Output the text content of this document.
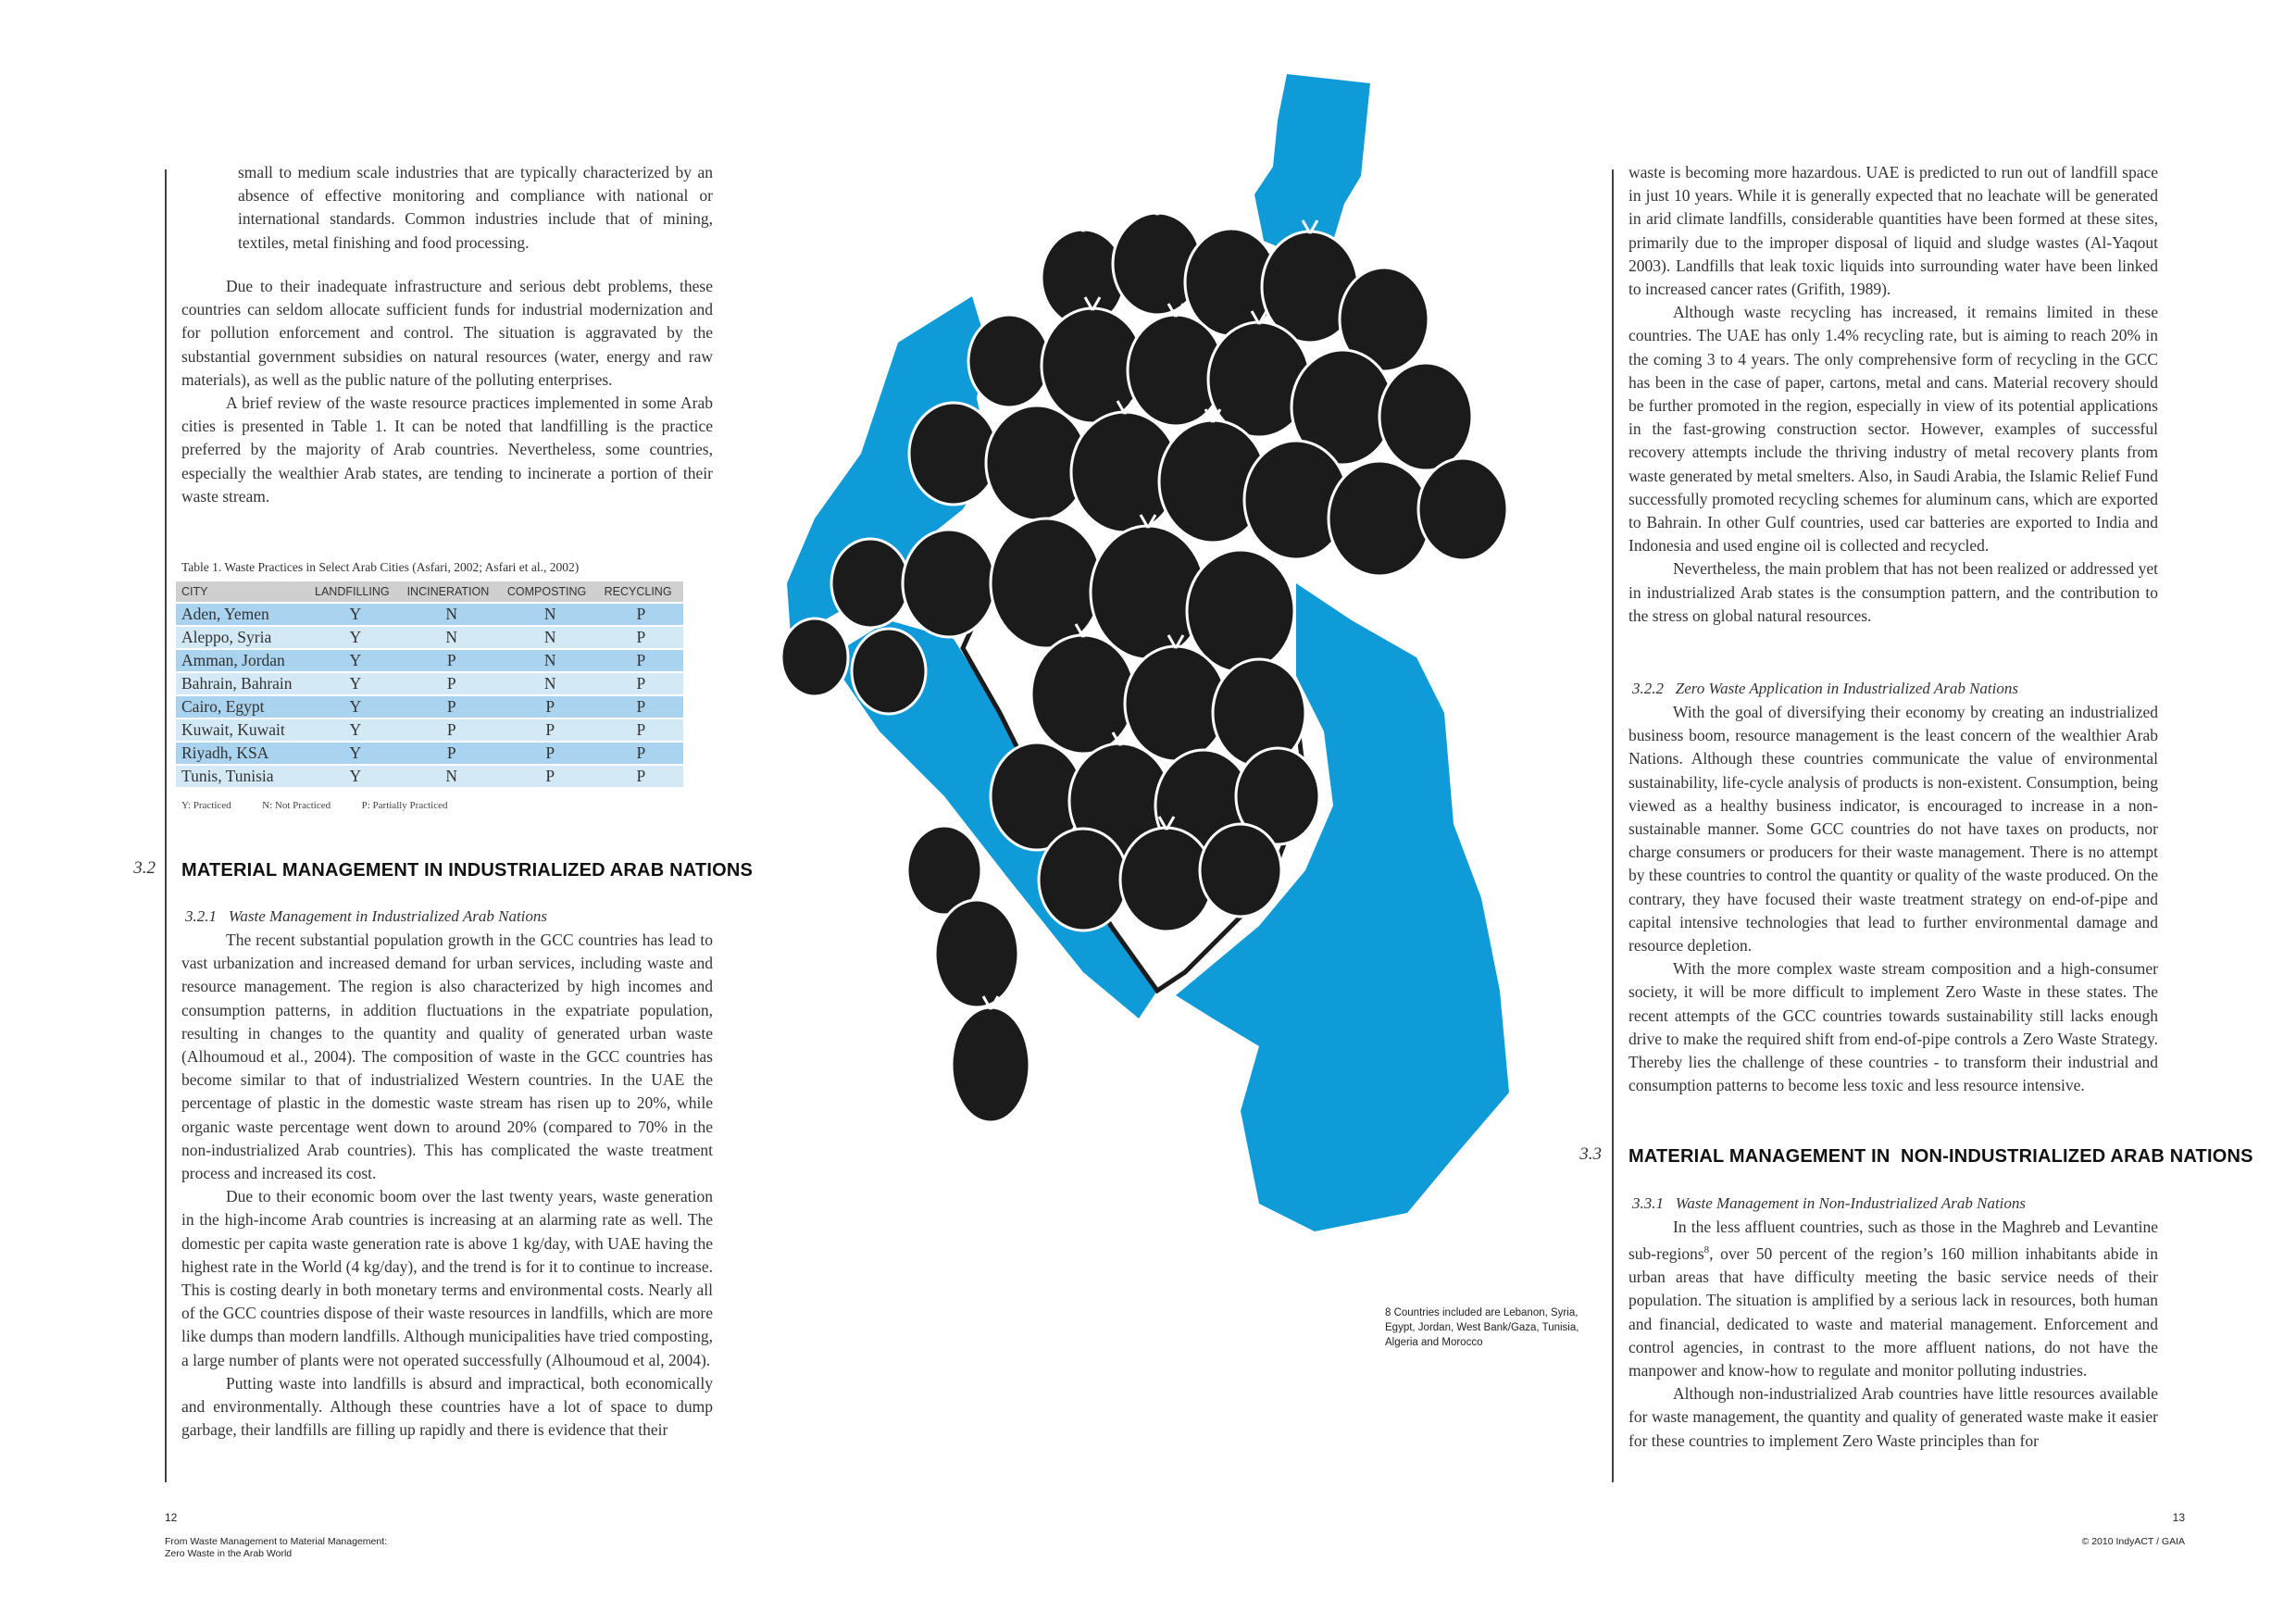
small to medium scale industries that are typically characterized by an absence of effective monitoring and compliance with national or international standards. Common industries include that of mining, textiles, metal finishing and food processing.

Due to their inadequate infrastructure and serious debt problems, these countries can seldom allocate sufficient funds for industrial modernization and for pollution enforcement and control. The situation is aggravated by the substantial government subsidies on natural resources (water, energy and raw materials), as well as the public nature of the polluting enterprises.

A brief review of the waste resource practices implemented in some Arab cities is presented in Table 1. It can be noted that landfilling is the practice preferred by the majority of Arab countries. Nevertheless, some countries, especially the wealthier Arab states, are tending to incinerate a portion of their waste stream.

Table 1. Waste Practices in Select Arab Cities (Asfari, 2002; Asfari et al., 2002)
CITY	LANDFILLING	INCINERATION	COMPOSTING	RECYCLING
Aden, Yemen	Y	N	N	P
Aleppo, Syria	Y	N	N	P
Amman, Jordan	Y	P	N	P
Bahrain, Bahrain	Y	P	N	P
Cairo, Egypt	Y	P	P	P
Kuwait, Kuwait	Y	P	P	P
Riyadh, KSA	Y	P	P	P
Tunis, Tunisia	Y	N	P	P
Y: Practiced	N: Not Practiced	P: Partially Practiced
3.2 MATERIAL MANAGEMENT IN INDUSTRIALIZED ARAB NATIONS
3.2.1   Waste Management in Industrialized Arab Nations

The recent substantial population growth in the GCC countries has lead to vast urbanization and increased demand for urban services, including waste and resource management. The region is also characterized by high incomes and consumption patterns, in addition fluctuations in the expatriate population, resulting in changes to the quantity and quality of generated urban waste (Alhoumoud et al., 2004). The composition of waste in the GCC countries has become similar to that of industrialized Western countries. In the UAE the percentage of plastic in the domestic waste stream has risen up to 20%, while organic waste percentage went down to around 20% (compared to 70% in the non-industrialized Arab countries). This has complicated the waste treatment process and increased its cost.

Due to their economic boom over the last twenty years, waste generation in the high-income Arab countries is increasing at an alarming rate as well. The domestic per capita waste generation rate is above 1 kg/day, with UAE having the highest rate in the World (4 kg/day), and the trend is for it to continue to increase. This is costing dearly in both monetary terms and environmental costs. Nearly all of the GCC countries dispose of their waste resources in landfills, which are more like dumps than modern landfills. Although municipalities have tried composting, a large number of plants were not operated successfully (Alhoumoud et al, 2004).

Putting waste into landfills is absurd and impractical, both economically and environmentally. Although these countries have a lot of space to dump garbage, their landfills are filling up rapidly and there is evidence that their

12
From Waste Management to Material Management:
Zero Waste in the Arab World
8 Countries included are Lebanon, Syria, Egypt, Jordan, West Bank/Gaza, Tunisia, Algeria and Morocco

waste is becoming more hazardous. UAE is predicted to run out of landfill space in just 10 years. While it is generally expected that no leachate will be generated in arid climate landfills, considerable quantities have been formed at these sites, primarily due to the improper disposal of liquid and sludge wastes (Al-Yaqout 2003). Landfills that leak toxic liquids into surrounding water have been linked to increased cancer rates (Grifith, 1989).

Although waste recycling has increased, it remains limited in these countries. The UAE has only 1.4% recycling rate, but is aiming to reach 20% in the coming 3 to 4 years. The only comprehensive form of recycling in the GCC has been in the case of paper, cartons, metal and cans. Material recovery should be further promoted in the region, especially in view of its potential applications in the fast-growing construction sector. However, examples of successful recovery attempts include the thriving industry of metal recovery plants from waste generated by metal smelters. Also, in Saudi Arabia, the Islamic Relief Fund successfully promoted recycling schemes for aluminum cans, which are exported to Bahrain. In other Gulf countries, used car batteries are exported to India and Indonesia and used engine oil is collected and recycled.

Nevertheless, the main problem that has not been realized or addressed yet in industrialized Arab states is the consumption pattern, and the contribution to the stress on global natural resources.

3.2.2   Zero Waste Application in Industrialized Arab Nations

With the goal of diversifying their economy by creating an industrialized business boom, resource management is the least concern of the wealthier Arab Nations. Although these countries communicate the value of environmental sustainability, life-cycle analysis of products is non-existent. Consumption, being viewed as a healthy business indicator, is encouraged to increase in a non-sustainable manner. Some GCC countries do not have taxes on products, nor charge consumers or producers for their waste management. There is no attempt by these countries to control the quantity or quality of the waste produced. On the contrary, they have focused their waste treatment strategy on end-of-pipe and capital intensive technologies that lead to further environmental damage and resource depletion.

With the more complex waste stream composition and a high-consumer society, it will be more difficult to implement Zero Waste in these states. The recent attempts of the GCC countries towards sustainability still lacks enough drive to make the required shift from end-of-pipe controls a Zero Waste Strategy. Thereby lies the challenge of these countries - to transform their industrial and consumption patterns to become less toxic and less resource intensive.

3.3 MATERIAL MANAGEMENT IN  NON-INDUSTRIALIZED ARAB NATIONS
3.3.1   Waste Management in Non-Industrialized Arab Nations

In the less affluent countries, such as those in the Maghreb and Levantine sub-regions$^8$, over 50 percent of the region’s 160 million inhabitants abide in urban areas that have difficulty meeting the basic service needs of their population. The situation is amplified by a serious lack in resources, both human and financial, dedicated to waste and material management. Enforcement and control agencies, in contrast to the more affluent nations, do not have the manpower and know-how to regulate and monitor polluting industries.

Although non-industrialized Arab countries have little resources available for waste management, the quantity and quality of generated waste make it easier for these countries to implement Zero Waste principles than for

13
© 2010 IndyACT / GAIA
